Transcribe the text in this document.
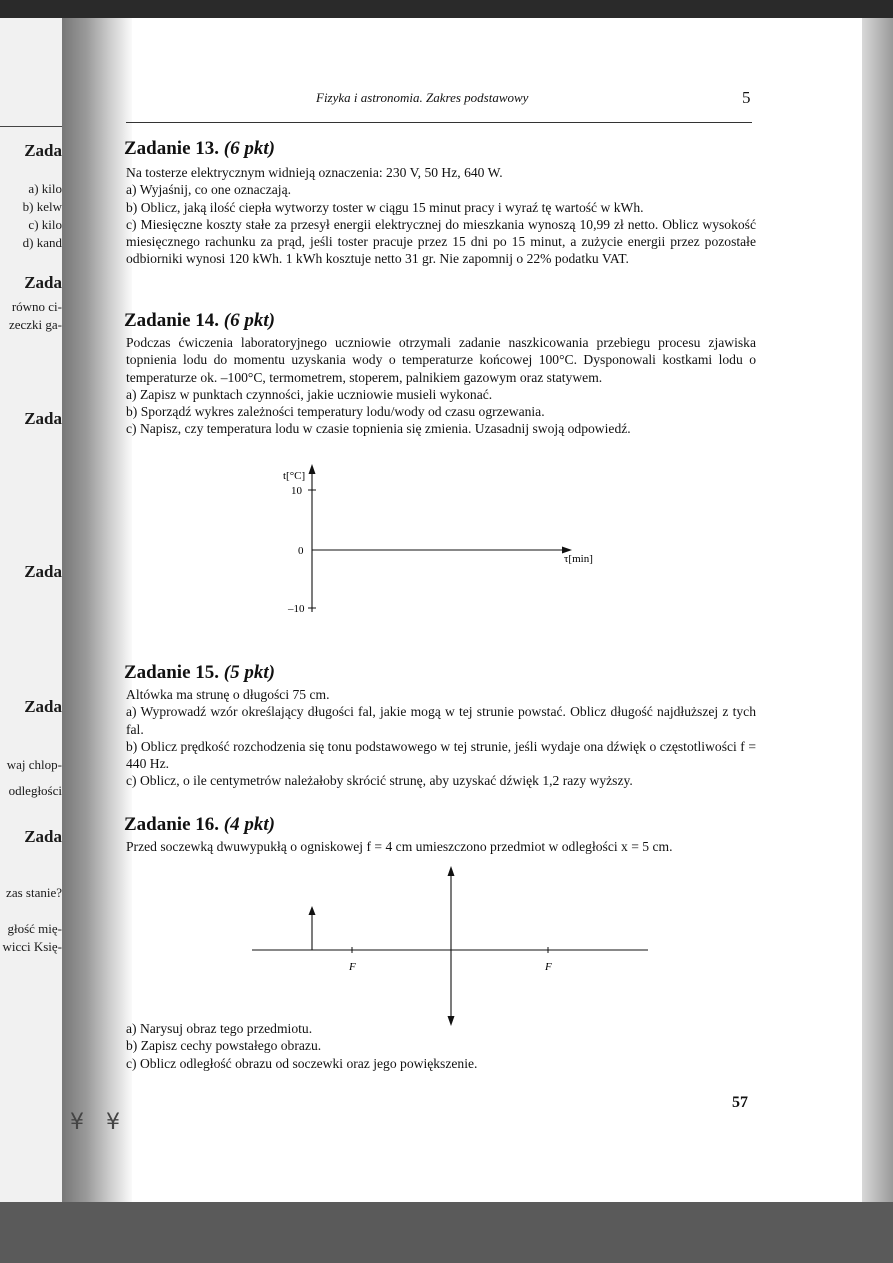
Zada
a) kilo
b) kelw
c) kilo
d) kand
Zada
równo ci-
zeczki ga-
Zada
Zada
Zada
waj chlop-
odległości
Zada
zas stanie?
głość mię-
wicci Księ-
¥¥
Fizyka i astronomia. Zakres podstawowy	5
Zadanie 13. (6 pkt)

Na tosterze elektrycznym widnieją oznaczenia: 230 V, 50 Hz, 640 W.

a) Wyjaśnij, co one oznaczają.

b) Oblicz, jaką ilość ciepła wytworzy toster w ciągu 15 minut pracy i wyraź tę wartość w kWh.

c) Miesięczne koszty stałe za przesył energii elektrycznej do mieszkania wynoszą 10,99 zł netto. Oblicz wysokość miesięcznego rachunku za prąd, jeśli toster pracuje przez 15 dni po 15 minut, a zużycie energii przez pozostałe odbiorniki wynosi 120 kWh. 1 kWh kosztuje netto 31 gr. Nie zapomnij o 22% podatku VAT.

Zadanie 14. (6 pkt)

Podczas ćwiczenia laboratoryjnego uczniowie otrzymali zadanie naszkicowania przebiegu procesu zjawiska topnienia lodu do momentu uzyskania wody o temperaturze końcowej 100°C. Dysponowali kostkami lodu o temperaturze ok. –100°C, termometrem, stoperem, palnikiem gazowym oraz statywem.

a) Zapisz w punktach czynności, jakie uczniowie musieli wykonać.

b) Sporządź wykres zależności temperatury lodu/wody od czasu ogrzewania.

c) Napisz, czy temperatura lodu w czasie topnienia się zmienia. Uzasadnij swoją odpowiedź.

t[°C]
10
0
–10
τ[min]
Zadanie 15. (5 pkt)

Altówka ma strunę o długości 75 cm.

a) Wyprowadź wzór określający długości fal, jakie mogą w tej strunie powstać. Oblicz długość najdłuższej z tych fal.

b) Oblicz prędkość rozchodzenia się tonu podstawowego w tej strunie, jeśli wydaje ona dźwięk o częstotliwości f = 440 Hz.

c) Oblicz, o ile centymetrów należałoby skrócić strunę, aby uzyskać dźwięk 1,2 razy wyższy.

Zadanie 16. (4 pkt)

Przed soczewką dwuwypukłą o ogniskowej f = 4 cm umieszczono przedmiot w odległości x = 5 cm.

F	F

a) Narysuj obraz tego przedmiotu.

b) Zapisz cechy powstałego obrazu.

c) Oblicz odległość obrazu od soczewki oraz jego powiększenie.

57
